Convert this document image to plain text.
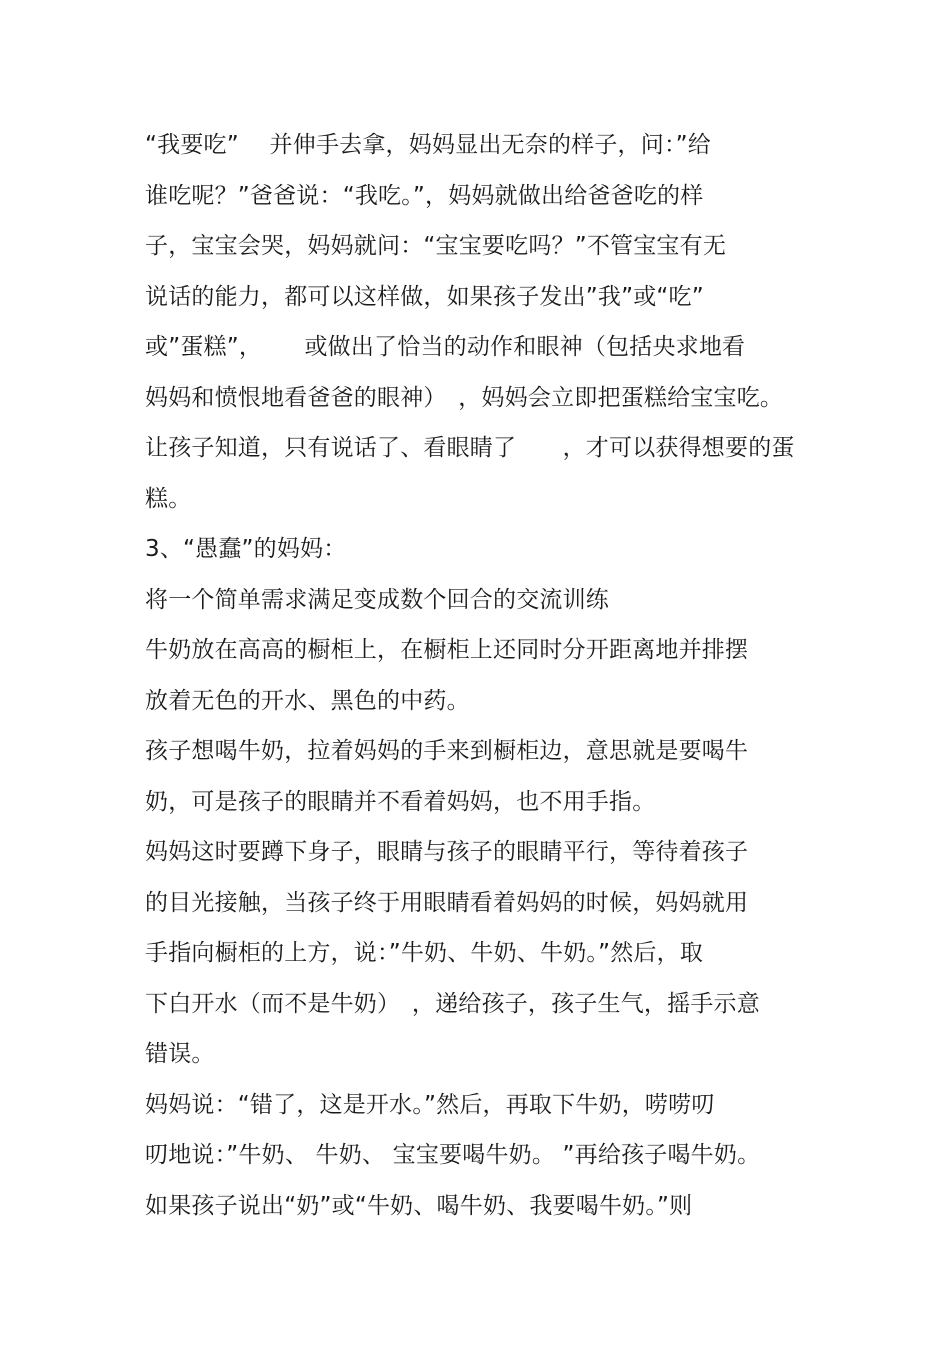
“我要吃”　 并伸手去拿，妈妈显出无奈的样子，问：”给
谁吃呢？”爸爸说：“我吃。”，妈妈就做出给爸爸吃的样
子，宝宝会哭，妈妈就问：“宝宝要吃吗？”不管宝宝有无
说话的能力，都可以这样做，如果孩子发出”我”或“吃”
或”蛋糕”，　　 或做出了恰当的动作和眼神（包括央求地看
妈妈和愤恨地看爸爸的眼神）　，妈妈会立即把蛋糕给宝宝吃。
让孩子知道，只有说话了、看眼睛了　　，才可以获得想要的蛋
糕。
3、“愚蠢”的妈妈：
将一个简单需求满足变成数个回合的交流训练
牛奶放在高高的橱柜上，在橱柜上还同时分开距离地并排摆
放着无色的开水、黑色的中药。
孩子想喝牛奶，拉着妈妈的手来到橱柜边，意思就是要喝牛
奶，可是孩子的眼睛并不看着妈妈，也不用手指。
妈妈这时要蹲下身子，眼睛与孩子的眼睛平行，等待着孩子
的目光接触，当孩子终于用眼睛看着妈妈的时候，妈妈就用
手指向橱柜的上方，说：”牛奶、牛奶、牛奶。”然后，取
下白开水（而不是牛奶）　，递给孩子，孩子生气，摇手示意
错误。
妈妈说：“错了，这是开水。”然后，再取下牛奶，唠唠叨
叨地说：”牛奶、 牛奶、 宝宝要喝牛奶。 ”再给孩子喝牛奶。
如果孩子说出“奶”或“牛奶、喝牛奶、我要喝牛奶。”则
